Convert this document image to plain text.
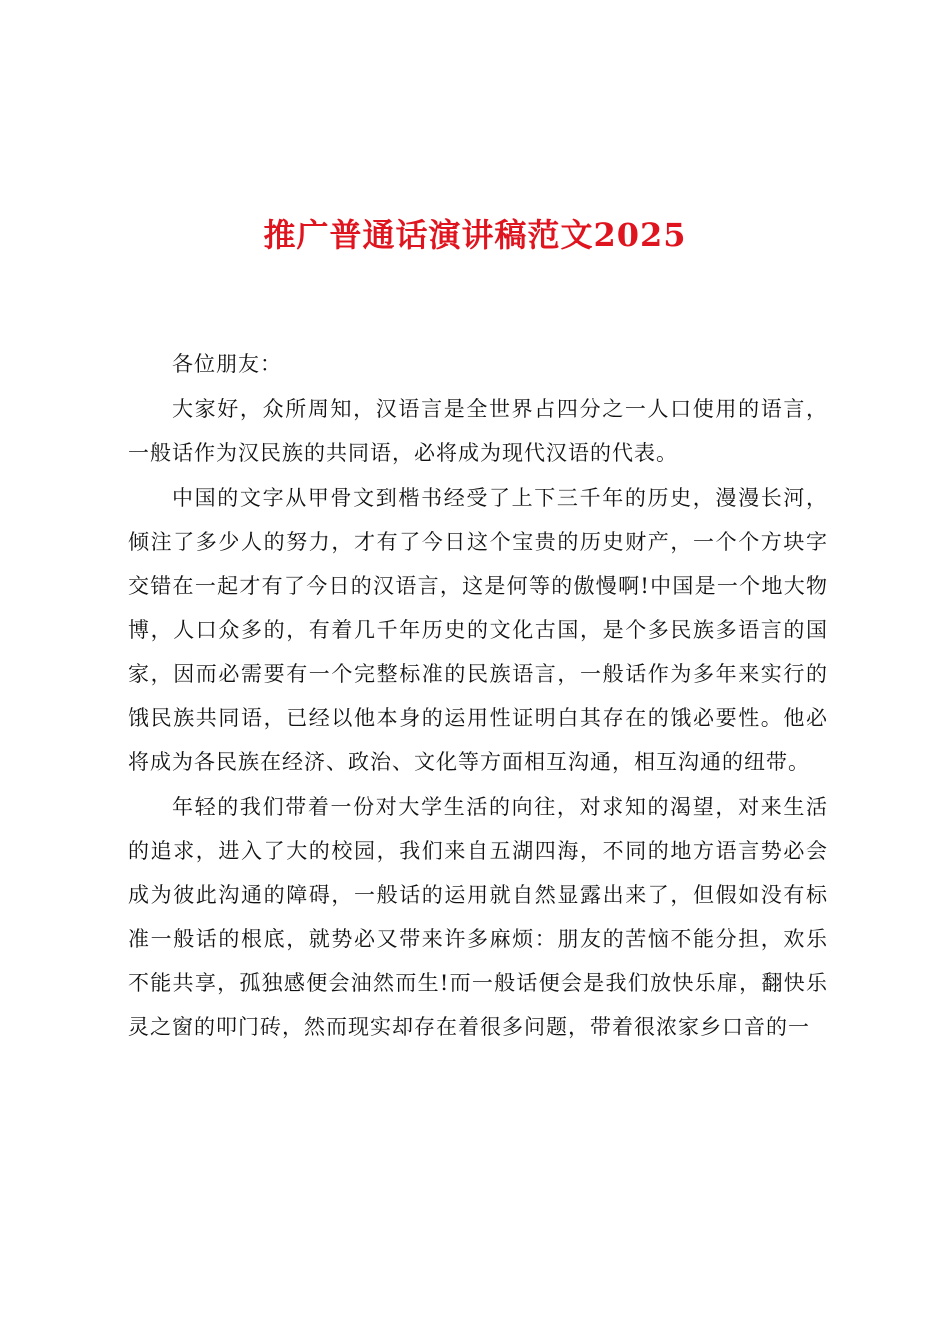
推广普通话演讲稿范文2025

各位朋友：

大家好，众所周知，汉语言是全世界占四分之一人口使用的语言，一般话作为汉民族的共同语，必将成为现代汉语的代表。

中国的文字从甲骨文到楷书经受了上下三千年的历史，漫漫长河，倾注了多少人的努力，才有了今日这个宝贵的历史财产，一个个方块字交错在一起才有了今日的汉语言，这是何等的傲慢啊!中国是一个地大物博，人口众多的，有着几千年历史的文化古国，是个多民族多语言的国家，因而必需要有一个完整标准的民族语言，一般话作为多年来实行的饿民族共同语，已经以他本身的运用性证明白其存在的饿必要性。他必将成为各民族在经济、政治、文化等方面相互沟通，相互沟通的纽带。

年轻的我们带着一份对大学生活的向往，对求知的渴望，对来生活的追求，进入了大的校园，我们来自五湖四海，不同的地方语言势必会成为彼此沟通的障碍，一般话的运用就自然显露出来了，但假如没有标准一般话的根底，就势必又带来许多麻烦：朋友的苦恼不能分担，欢乐不能共享，孤独感便会油然而生!而一般话便会是我们放快乐扉，翻快乐灵之窗的叩门砖，然而现实却存在着很多问题，带着很浓家乡口音的一
